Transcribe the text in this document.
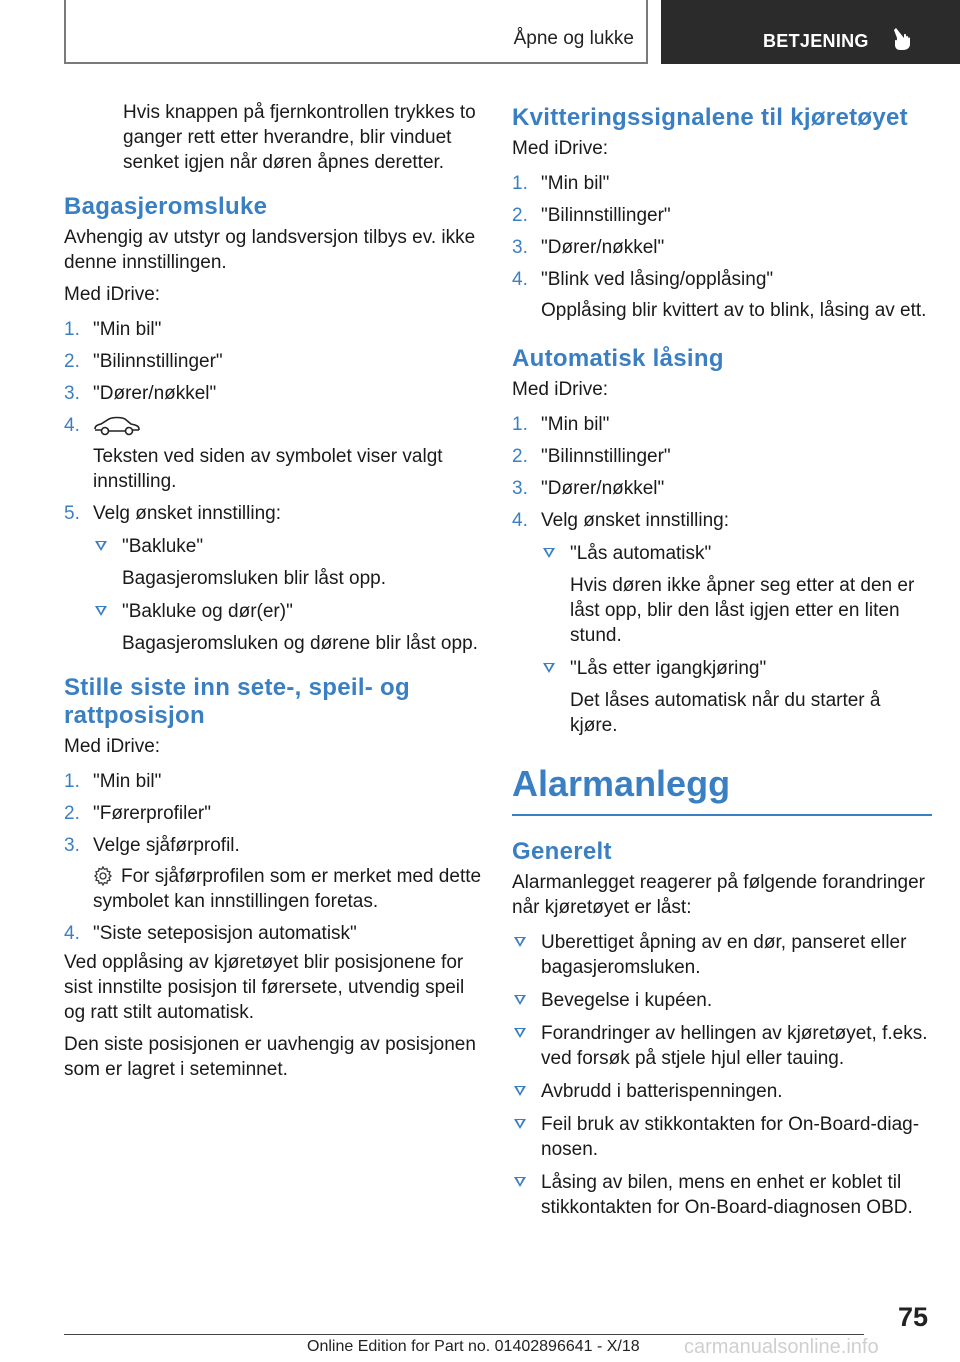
Åpne og lukke	BETJENING

Hvis knappen på fjernkontrollen trykkes to ganger rett etter hverandre, blir vinduet senket igjen når døren åpnes deretter.

Bagasjeromsluke

Avhengig av utstyr og landsversjon tilbys ev. ikke denne innstillingen.

Med iDrive:

1. "Min bil"
2. "Bilinnstillinger"
3. "Dører/nøkkel"
4.
Teksten ved siden av symbolet viser valgt innstilling.
5. Velg ønsket innstilling:
"Bakluke"
Bagasjeromsluken blir låst opp.
"Bakluke og dør(er)"
Bagasjeromsluken og dørene blir låst opp.
Stille siste inn sete-, speil- og rattposisjon

Med iDrive:

1. "Min bil"
2. "Førerprofiler"
3. Velge sjåførprofil.
For sjåførprofilen som er merket med dette symbolet kan innstillingen foretas.
4. "Siste seteposisjon automatisk"

Ved opplåsing av kjøretøyet blir posisjonene for sist innstilte posisjon til førersete, utvendig speil og ratt stilt automatisk.

Den siste posisjonen er uavhengig av posisjonen som er lagret i seteminnet.

Kvitteringssignalene til kjøretøyet

Med iDrive:

1. "Min bil"
2. "Bilinnstillinger"
3. "Dører/nøkkel"
4. "Blink ved låsing/opplåsing"
Opplåsing blir kvittert av to blink, låsing av ett.
Automatisk låsing

Med iDrive:

1. "Min bil"
2. "Bilinnstillinger"
3. "Dører/nøkkel"
4. Velg ønsket innstilling:
"Lås automatisk"
Hvis døren ikke åpner seg etter at den er låst opp, blir den låst igjen etter en liten stund.
"Lås etter igangkjøring"
Det låses automatisk når du starter å kjøre.
Alarmanlegg
Generelt

Alarmanlegget reagerer på følgende forandringer når kjøretøyet er låst:

Uberettiget åpning av en dør, panseret eller bagasjeromsluken.
Bevegelse i kupéen.
Forandringer av hellingen av kjøretøyet, f.eks. ved forsøk på stjele hjul eller tauing.
Avbrudd i batterispenningen.
Feil bruk av stikkontakten for On-Board-diag-nosen.
Låsing av bilen, mens en enhet er koblet til stikkontakten for On-Board-diagnosen OBD.
75
Online Edition for Part no. 01402896641 - X/18 carmanualsonline.info
